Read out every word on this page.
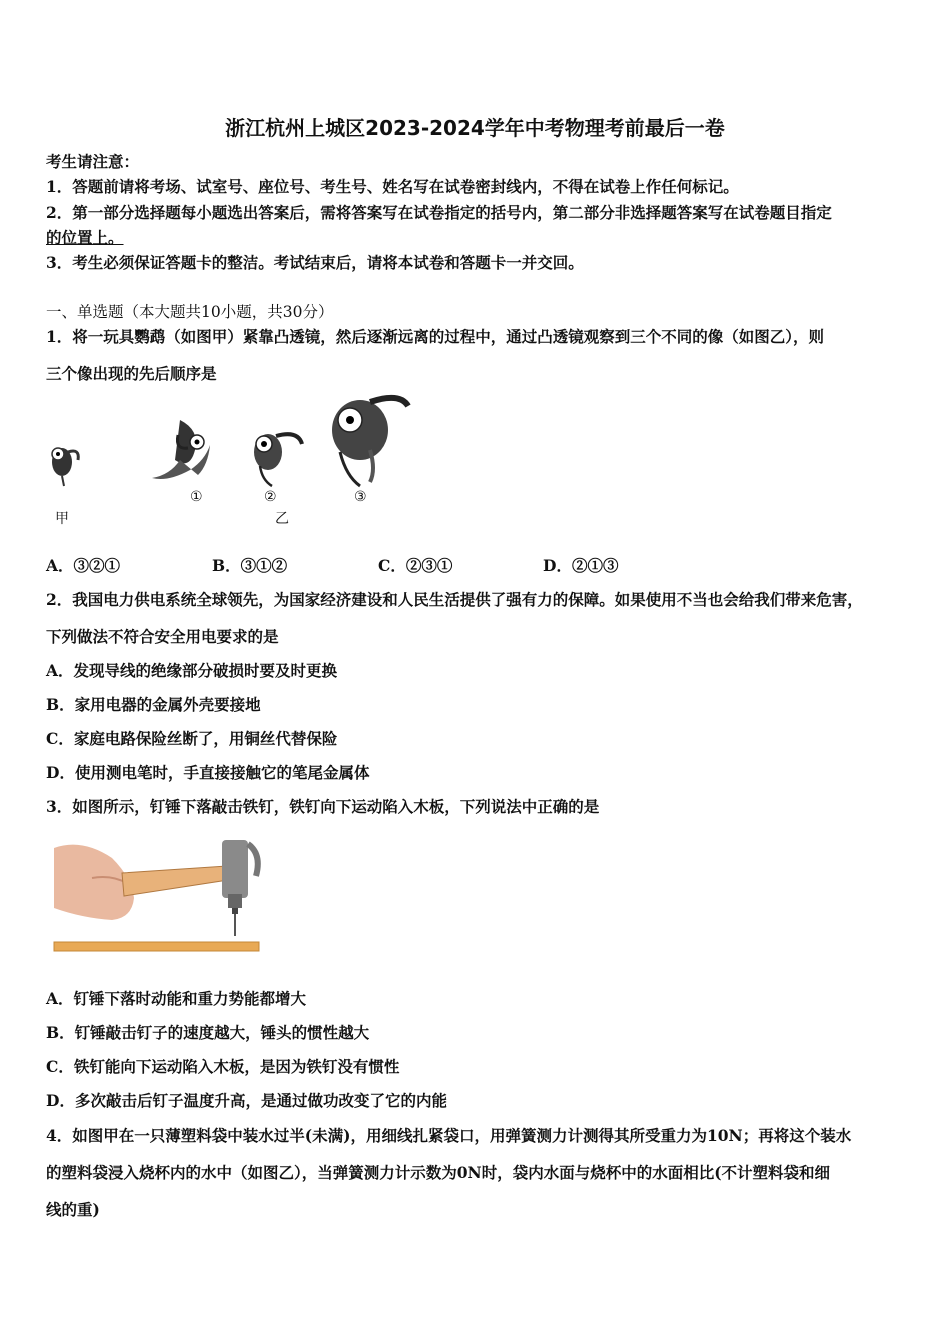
浙江杭州上城区2023-2024学年中考物理考前最后一卷
考生请注意：
1．答题前请将考场、试室号、座位号、考生号、姓名写在试卷密封线内，不得在试卷上作任何标记。
2．第一部分选择题每小题选出答案后，需将答案写在试卷指定的括号内，第二部分非选择题答案写在试卷题目指定
的位置上。
3．考生必须保证答题卡的整洁。考试结束后，请将本试卷和答题卡一并交回。
一、单选题（本大题共10小题，共30分）
1．将一玩具鹦鹉（如图甲）紧靠凸透镜，然后逐渐远离的过程中，通过凸透镜观察到三个不同的像（如图乙），则
三个像出现的先后顺序是
①	②	③
甲	乙
A．③②①	B．③①②	C．②③①	D．②①③
2．我国电力供电系统全球领先，为国家经济建设和人民生活提供了强有力的保障。如果使用不当也会给我们带来危害，
下列做法不符合安全用电要求的是
A．发现导线的绝缘部分破损时要及时更换
B．家用电器的金属外壳要接地
C．家庭电路保险丝断了，用铜丝代替保险
D．使用测电笔时，手直接接触它的笔尾金属体
3．如图所示，钉锤下落敲击铁钉，铁钉向下运动陷入木板，下列说法中正确的是
A．钉锤下落时动能和重力势能都增大
B．钉锤敲击钉子的速度越大，锤头的惯性越大
C．铁钉能向下运动陷入木板，是因为铁钉没有惯性
D．多次敲击后钉子温度升高，是通过做功改变了它的内能
4．如图甲在一只薄塑料袋中装水过半(未满)，用细线扎紧袋口，用弹簧测力计测得其所受重力为10N；再将这个装水
的塑料袋浸入烧杯内的水中（如图乙），当弹簧测力计示数为0N时，袋内水面与烧杯中的水面相比(不计塑料袋和细
线的重)
